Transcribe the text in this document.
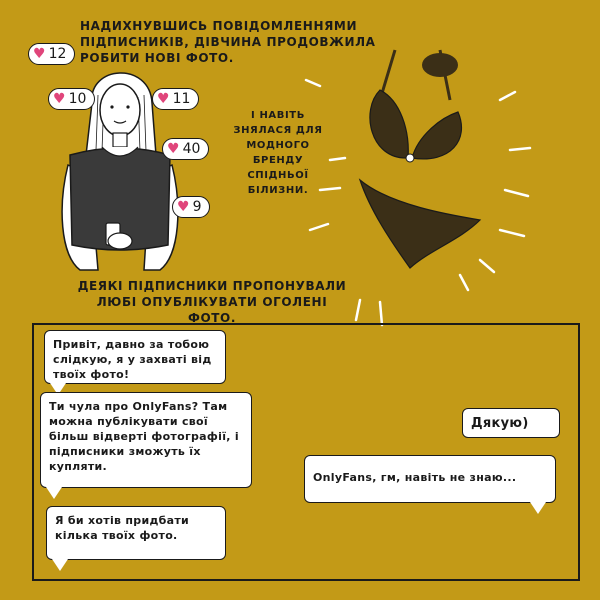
НАДИХНУВШИСЬ ПОВІДОМЛЕННЯМИ ПІДПИСНИКІВ, ДІВЧИНА ПРОДОВЖИЛА РОБИТИ НОВІ ФОТО.
І НАВІТЬ ЗНЯЛАСЯ ДЛЯ МОДНОГО БРЕНДУ СПІДНЬОЇ БІЛИЗНИ.
ДЕЯКІ ПІДПИСНИКИ ПРОПОНУВАЛИ ЛЮБІ ОПУБЛІКУВАТИ ОГОЛЕНІ ФОТО.
♥ 12
♥ 10	♥ 11
♥ 40
♥ 9
Привіт, давно за тобою слідкую, я у захваті від твоїх фото!
Ти чула про OnlyFans? Там можна публікувати свої більш відверті фотографії, і підписники зможуть їх купляти.
Дякую)
OnlyFans, гм, навіть не знаю...
Я би хотів придбати кілька твоїх фото.
